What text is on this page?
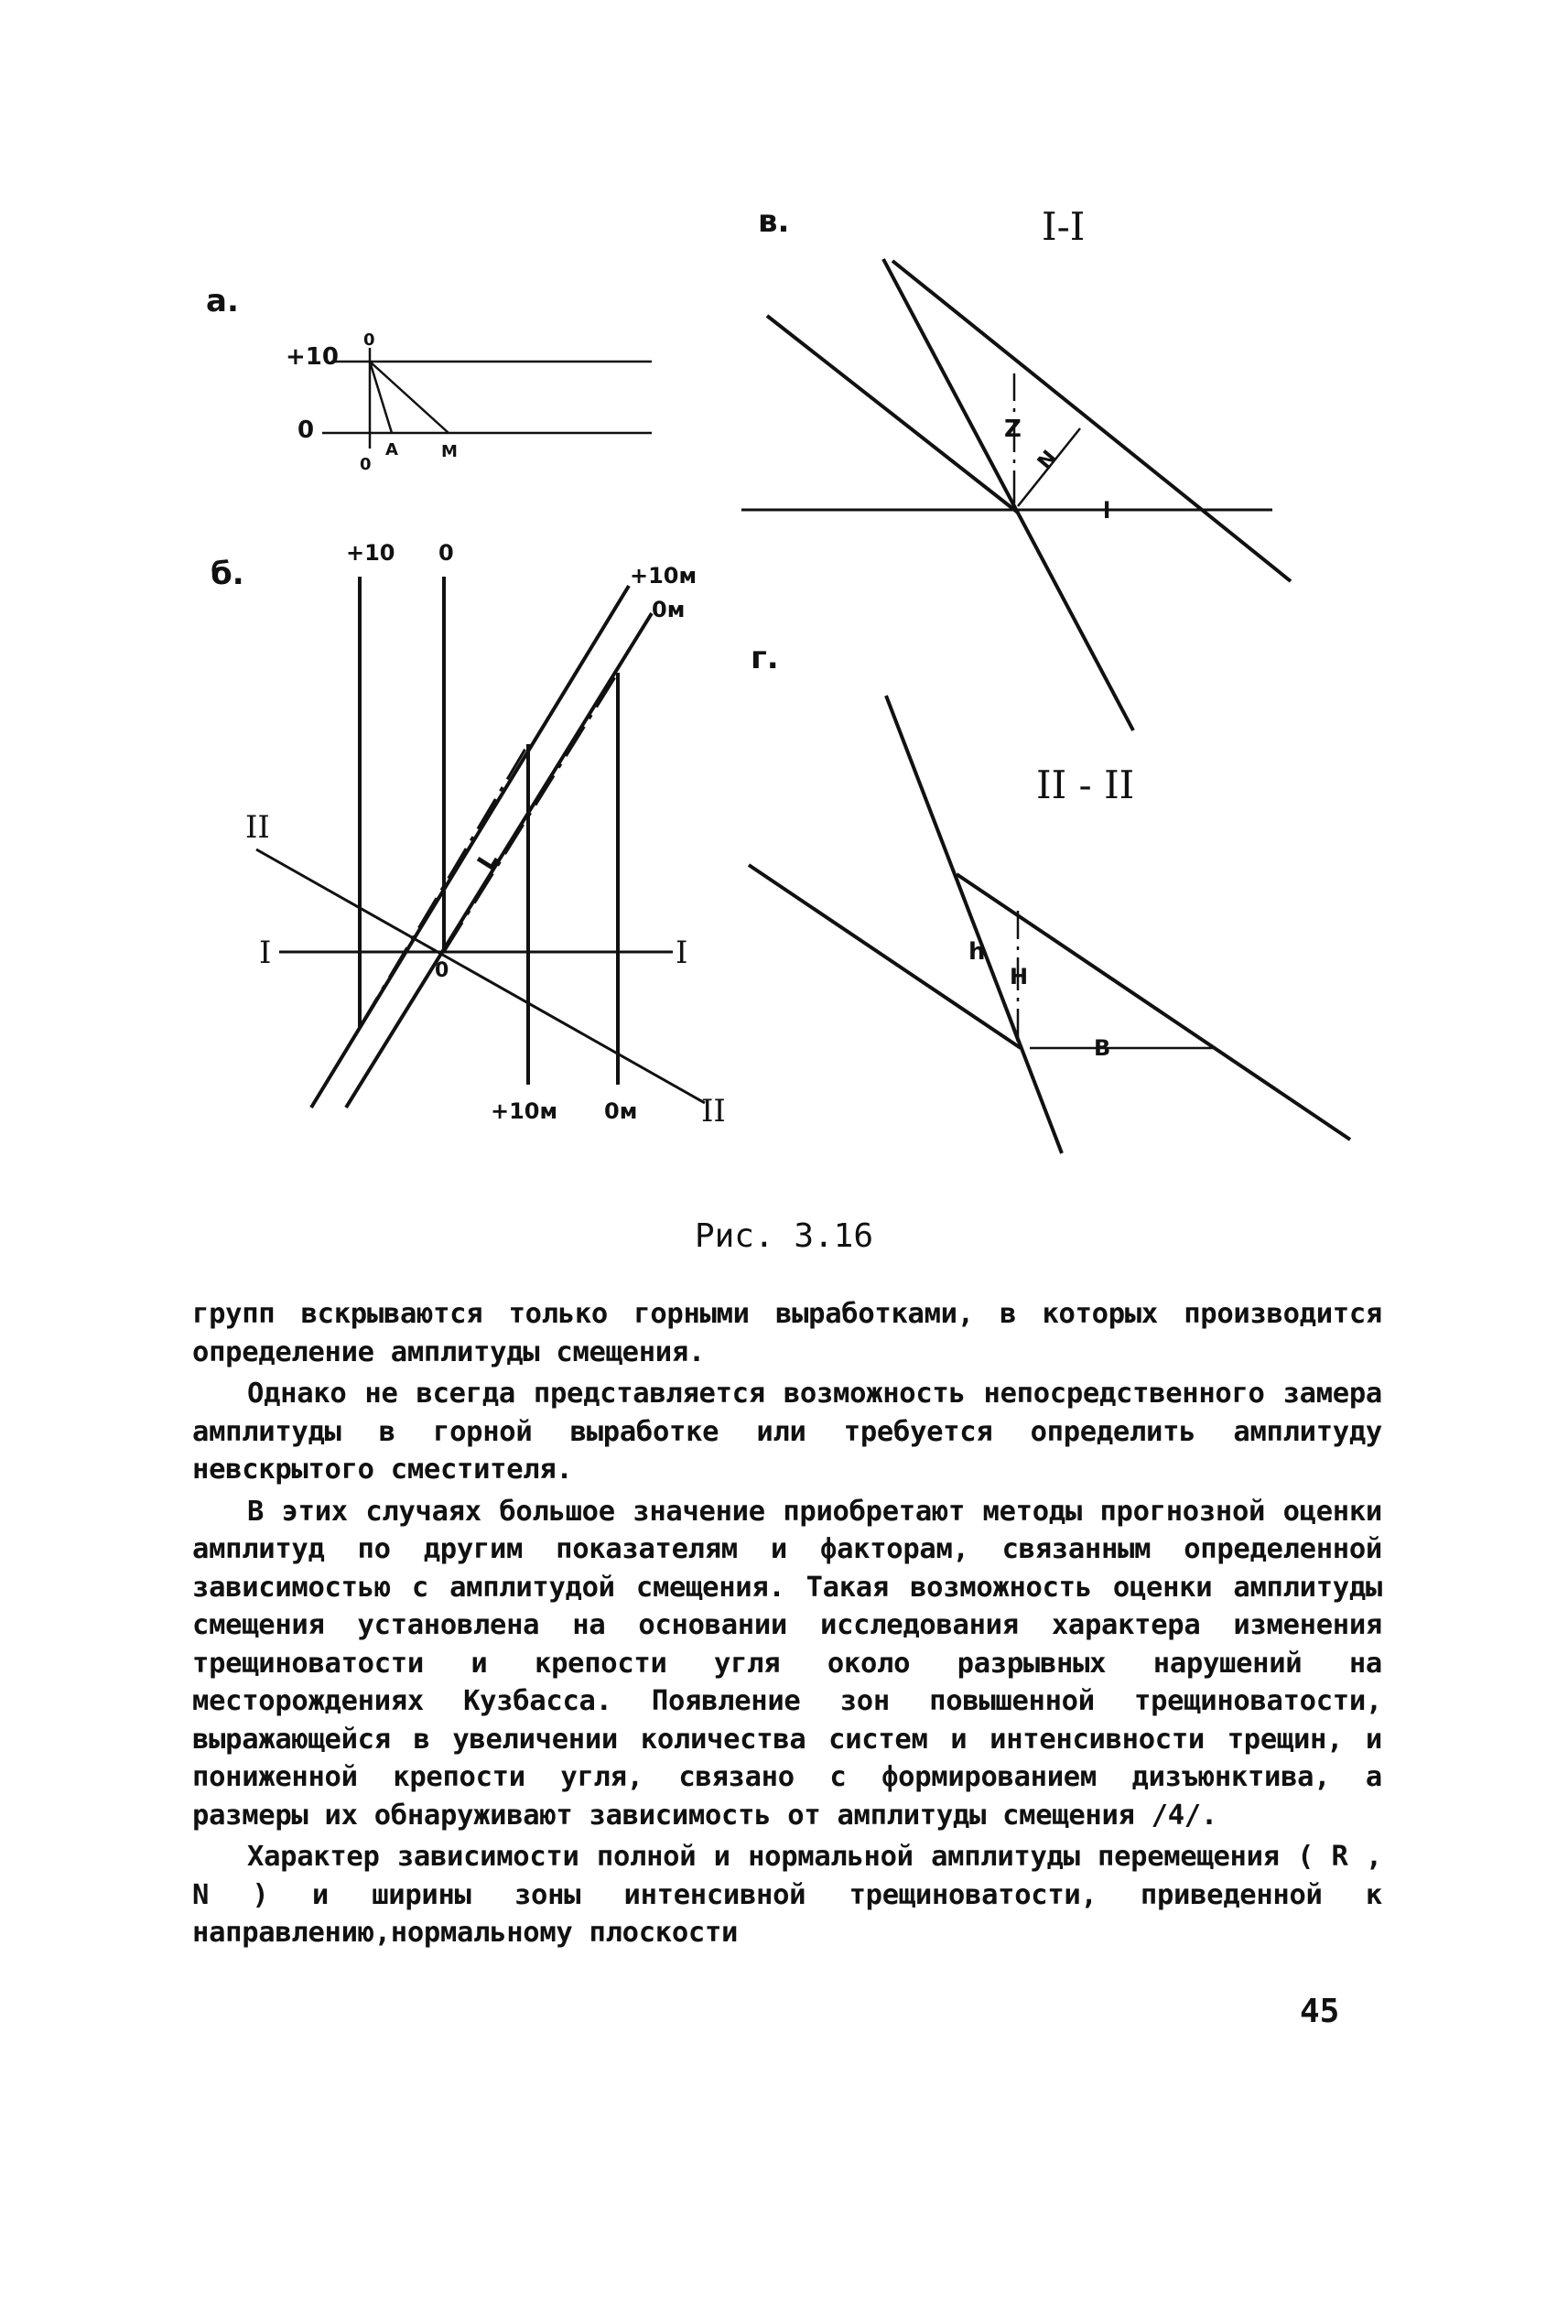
а.
+10
0
0
0
A	M
б.
+10 0
+10м
0м
II
I	I
0
L
+10м 0м II
в.	I-I
Z
N
l
г.
II - II
h
H
B
Рис. 3.16

групп вскрываются только горными выработками, в которых производится определение амплитуды смещения.

Однако не всегда представляется возможность непосредственного замера амплитуды в горной выработке или требуется определить амплитуду невскрытого сместителя.

В этих случаях большое значение приобретают методы прогнозной оценки амплитуд по другим показателям и факторам, связанным определенной зависимостью с амплитудой смещения. Такая возможность оценки амплитуды смещения установлена на основании исследования характера изменения трещиноватости и крепости угля около разрывных нарушений на месторождениях Кузбасса. Появление зон повышенной трещиноватости, выражающейся в увеличении количества систем и интенсивности трещин, и пониженной крепости угля, связано с формированием дизъюнктива, а размеры их обнаруживают зависимость от амплитуды смещения /4/.

Характер зависимости полной и нормальной амплитуды перемещения ( R , N ) и ширины зоны интенсивной трещиноватости, приведенной к направлению,нормальному плоскости

45
